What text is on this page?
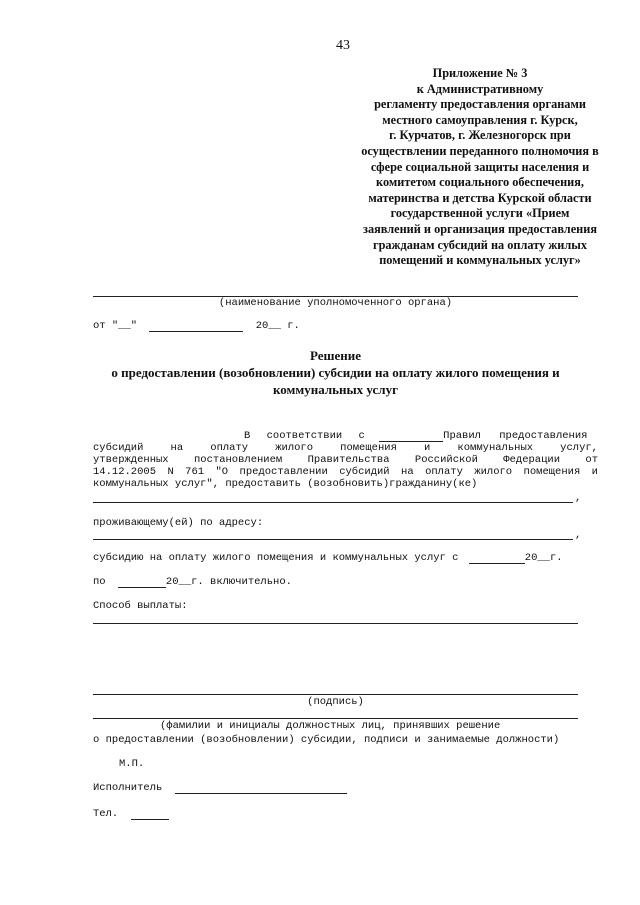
43
Приложение № 3
к Административному
регламенту предоставления органами
местного самоуправления г. Курск,
г. Курчатов, г. Железногорск при
осуществлении переданного полномочия в
сфере социальной защиты населения и
комитетом социального обеспечения,
материнства и детства Курской области
государственной услуги «Прием
заявлений и организация предоставления
гражданам субсидий на оплату жилых
помещений и коммунальных услуг»
(наименование уполномоченного органа)
от "__"	20__ г.
Решение
о предоставлении (возобновлении) субсидии на оплату жилого помещения и
коммунальных услуг
В соответствии с	Правил предоставления
субсидий на оплату жилого помещения и коммунальных услуг,
утвержденных постановлением Правительства Российской Федерации от
14.12.2005 N 761 "О предоставлении субсидий на оплату жилого помещения и
коммунальных услуг", предоставить (возобновить)гражданину(ке)
,
проживающему(ей) по адресу:
,
субсидию на оплату жилого помещения и коммунальных услуг с	20__г.
по	20__г. включительно.
Способ выплаты:
(подпись)
(фамилии и инициалы должностных лиц, принявших решение
о предоставлении (возобновлении) субсидии, подписи и занимаемые должности)
М.П.
Исполнитель
Тел.
